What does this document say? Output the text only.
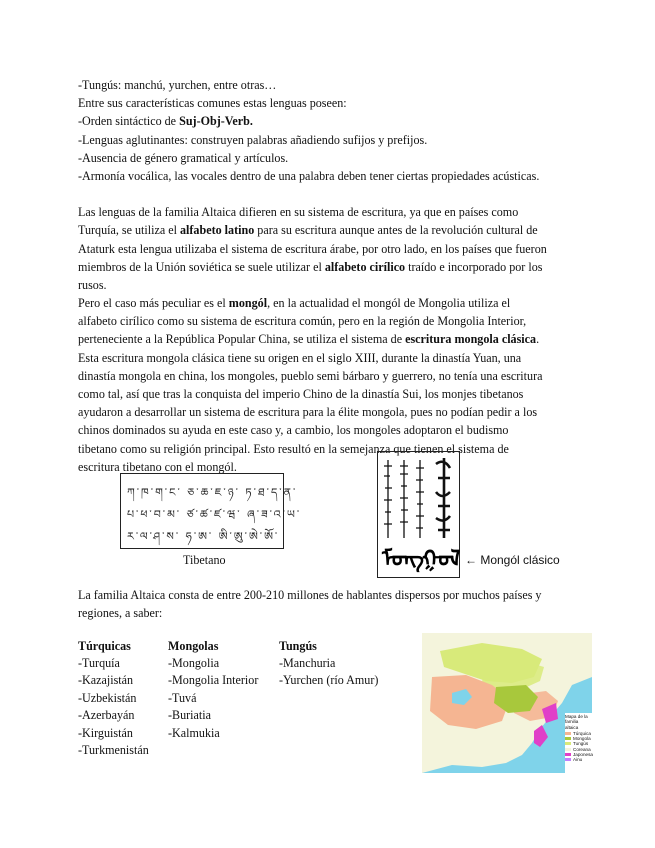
-Tungús: manchú, yurchen, entre otras…
Entre sus características comunes estas lenguas poseen:
-Orden sintáctico de Suj-Obj-Verb.
-Lenguas aglutinantes: construyen palabras añadiendo sufijos y prefijos.
-Ausencia de género gramatical y artículos.
-Armonía vocálica, las vocales dentro de una palabra deben tener ciertas propiedades acústicas.
Las lenguas de la familia Altaica difieren en su sistema de escritura, ya que en países como
Turquía, se utiliza el alfabeto latino para su escritura aunque antes de la revolución cultural de
Ataturk esta lengua utilizaba el sistema de escritura árabe, por otro lado, en los países que fueron
miembros de la Unión soviética se suele utilizar el alfabeto cirílico traído e incorporado por los
rusos.
Pero el caso más peculiar es el mongól, en la actualidad el mongól de Mongolia utiliza el
alfabeto cirílico como su sistema de escritura común, pero en la región de Mongolia Interior,
perteneciente a la República Popular China, se utiliza el sistema de escritura mongola clásica.
Esta escritura mongola clásica tiene su origen en el siglo XIII, durante la dinastía Yuan, una
dinastía mongola en china, los mongoles, pueblo semi bárbaro y guerrero, no tenía una escritura
como tal, así que tras la conquista del imperio Chino de la dinastía Sui, los monjes tibetanos
ayudaron a desarrollar un sistema de escritura para la élite mongola, pues no podían pedir a los
chinos dominados su ayuda en este caso y, a cambio, los mongoles adoptaron el budismo
tibetano como su religión principal. Esto resultó en la semejanza que tienen el sistema de
escritura tibetano con el mongól.
ཀ་ཁ་ག་ང་ ཅ་ཆ་ཇ་ཉ་ ཏ་ཐ་ད་ན་
པ་ཕ་བ་མ་ ཙ་ཚ་ཛ་ཝ་ ཞ་ཟ་འ་ཡ་
ར་ལ་ཤ་ས་ ཧ་ཨ་ ཨི་ཨུ་ཨེ་ཨོ་
Tibetano	ᠮᠣᠩ
ᠭᠣᠯ ← Mongól clásico
La familia Altaica consta de entre 200-210 millones de hablantes dispersos por muchos países y
regiones, a saber:
Túrquicas
-Turquía
-Kazajistán
-Uzbekistán
-Azerbayán
-Kirguistán
-Turkmenistán
Mongolas
-Mongolia
-Mongolia Interior
-Tuvá
-Buriatia
-Kalmukia
Tungús
-Manchuria
-Yurchen (río Amur)
Mapa de la familia altaica
Túrquica
Mongola
Tungús
Coreana
Japonesa
Ainu
